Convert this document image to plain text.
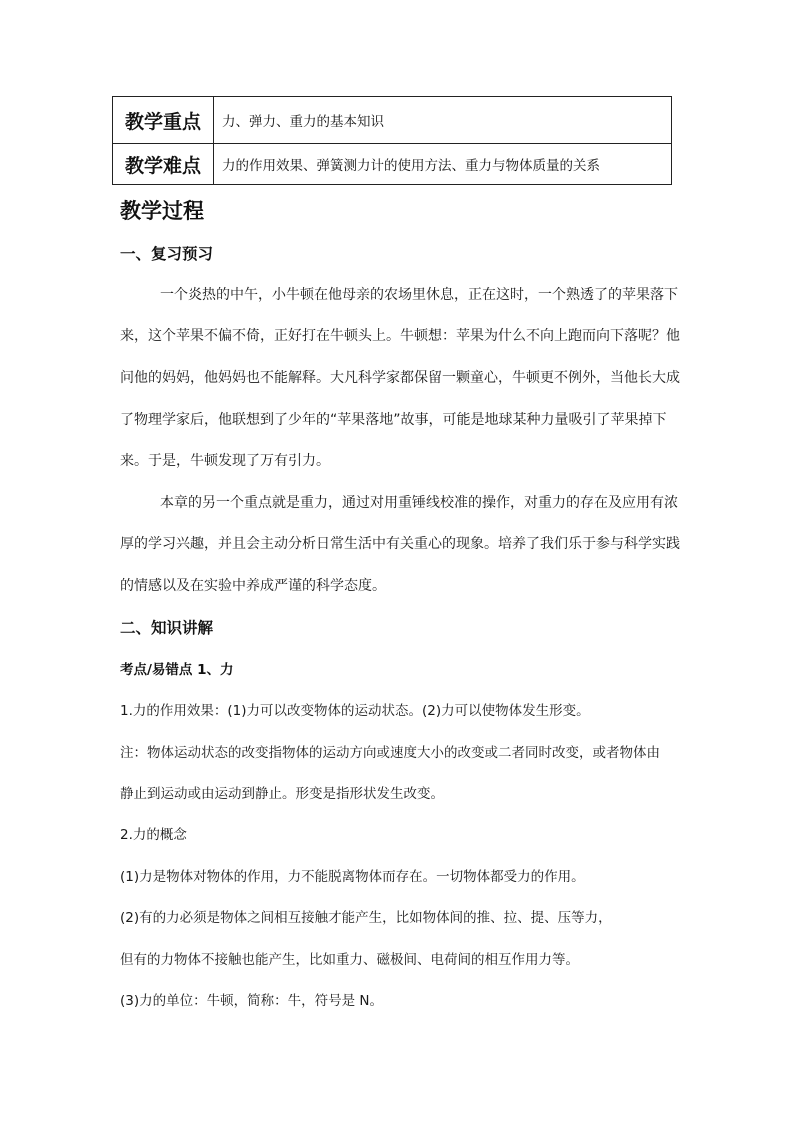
教学重点	力、弹力、重力的基本知识
教学难点	力的作用效果、弹簧测力计的使用方法、重力与物体质量的关系
教学过程
一、复习预习
一个炎热的中午，小牛顿在他母亲的农场里休息，正在这时，一个熟透了的苹果落下
来，这个苹果不偏不倚，正好打在牛顿头上。牛顿想：苹果为什么不向上跑而向下落呢？他
问他的妈妈，他妈妈也不能解释。大凡科学家都保留一颗童心，牛顿更不例外，当他长大成
了物理学家后，他联想到了少年的“苹果落地”故事，可能是地球某种力量吸引了苹果掉下
来。于是，牛顿发现了万有引力。
本章的另一个重点就是重力，通过对用重锤线校准的操作，对重力的存在及应用有浓
厚的学习兴趣，并且会主动分析日常生活中有关重心的现象。培养了我们乐于参与科学实践
的情感以及在实验中养成严谨的科学态度。
二、知识讲解
考点/易错点 1、力
1.力的作用效果：(1)力可以改变物体的运动状态。(2)力可以使物体发生形变。
注：物体运动状态的改变指物体的运动方向或速度大小的改变或二者同时改变，或者物体由
静止到运动或由运动到静止。形变是指形状发生改变。
2.力的概念
(1)力是物体对物体的作用，力不能脱离物体而存在。一切物体都受力的作用。
(2)有的力必须是物体之间相互接触才能产生，比如物体间的推、拉、提、压等力，
但有的力物体不接触也能产生，比如重力、磁极间、电荷间的相互作用力等。
(3)力的单位：牛顿，简称：牛，符号是 N。
